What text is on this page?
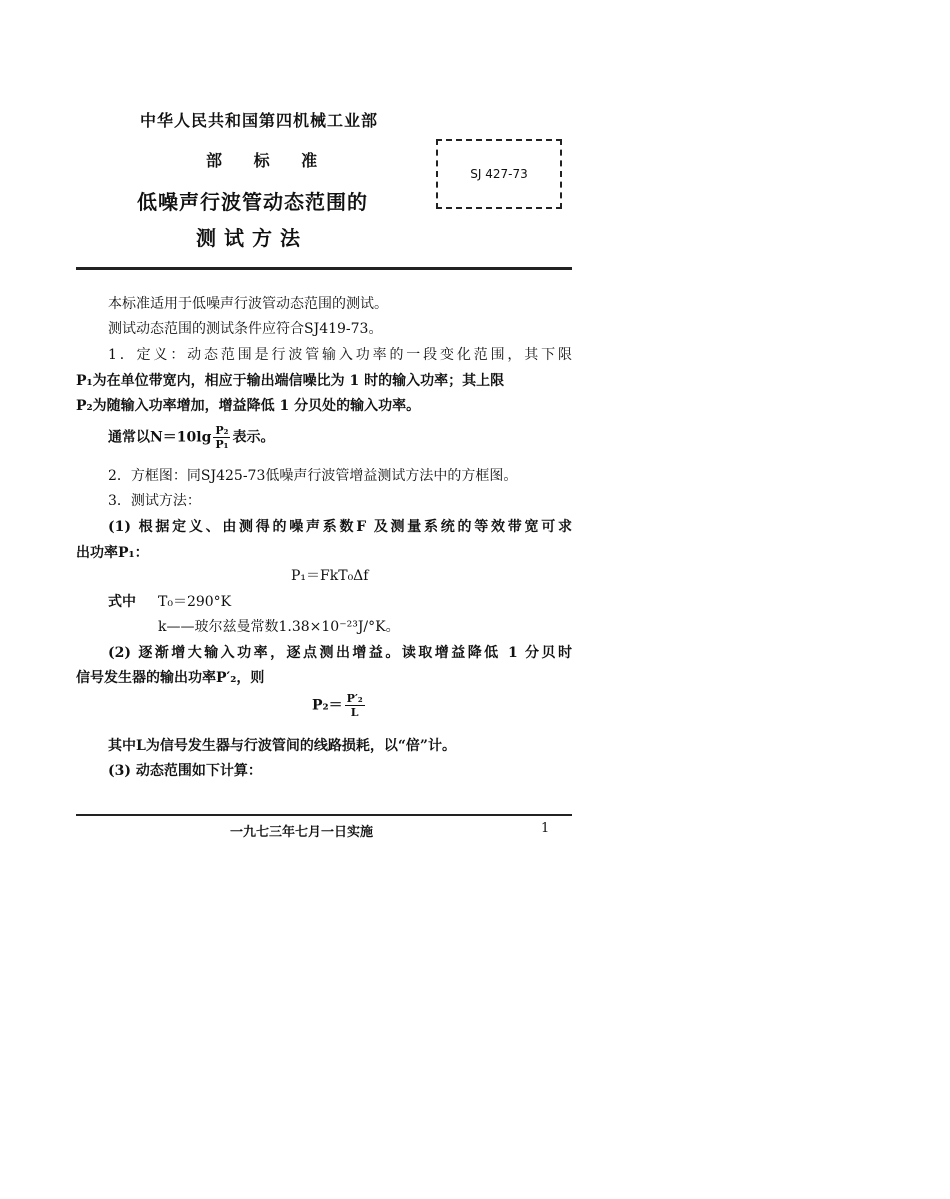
中华人民共和国第四机械工业部
部 标 准
低噪声行波管动态范围的
测试方法
SJ 427-73
本标准适用于低噪声行波管动态范围的测试。
测试动态范围的测试条件应符合SJ419-73。
1．定义：动态范围是行波管输入功率的一段变化范围，其下限
P₁为在单位带宽内，相应于输出端信噪比为 1 时的输入功率；其上限
P₂为随输入功率增加，增益降低 1 分贝处的输入功率。
通常以$N=10\lg \frac{\text{P₂}}{\text{P₁}}$ 表示。
2．方框图：同SJ425-73低噪声行波管增益测试方法中的方框图。
3．测试方法：
(1) 根据定义、由测得的噪声系数F 及测量系统的等效带宽可求
出功率P₁：
P₁＝FkT₀Δf
式中 T₀＝290°K
k——玻尔兹曼常数1.38×10⁻²³J/°K。
(2) 逐渐增大输入功率，逐点测出增益。读取增益降低 1 分贝时
信号发生器的输出功率P′₂，则
$P_2= \frac{\text{P′₂}}{L}$
其中L为信号发生器与行波管间的线路损耗，以“倍”计。
(3) 动态范围如下计算：
一九七三年七月一日实施	1
